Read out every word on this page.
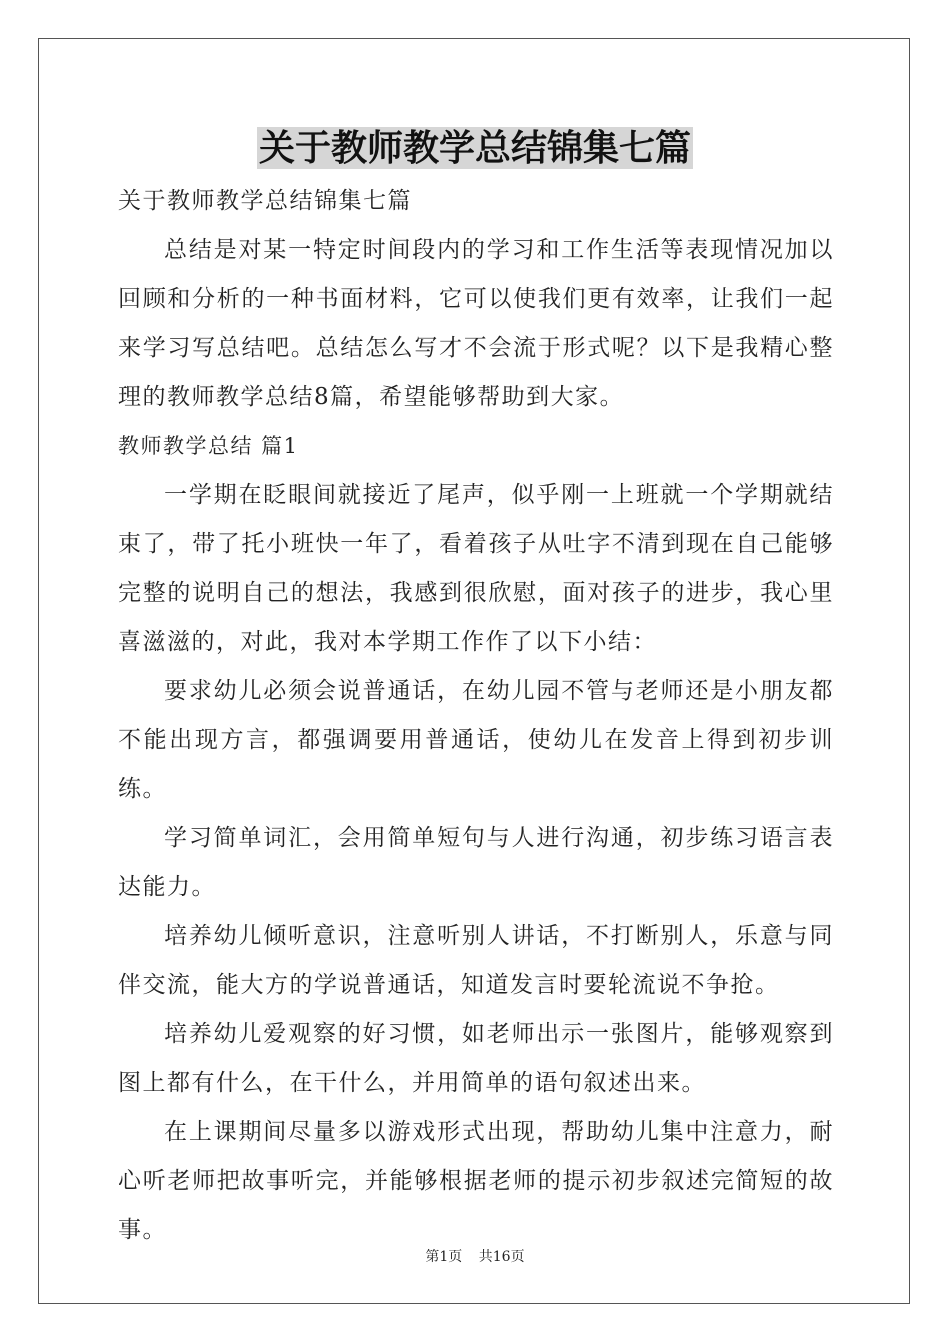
关于教师教学总结锦集七篇

关于教师教学总结锦集七篇

总结是对某一特定时间段内的学习和工作生活等表现情况加以回顾和分析的一种书面材料，它可以使我们更有效率，让我们一起来学习写总结吧。总结怎么写才不会流于形式呢？以下是我精心整理的教师教学总结8篇，希望能够帮助到大家。

教师教学总结 篇1

一学期在眨眼间就接近了尾声，似乎刚一上班就一个学期就结束了，带了托小班快一年了，看着孩子从吐字不清到现在自己能够完整的说明自己的想法，我感到很欣慰，面对孩子的进步，我心里喜滋滋的，对此，我对本学期工作作了以下小结：

要求幼儿必须会说普通话，在幼儿园不管与老师还是小朋友都不能出现方言，都强调要用普通话，使幼儿在发音上得到初步训练。

学习简单词汇，会用简单短句与人进行沟通，初步练习语言表达能力。

培养幼儿倾听意识，注意听别人讲话，不打断别人，乐意与同伴交流，能大方的学说普通话，知道发言时要轮流说不争抢。

培养幼儿爱观察的好习惯，如老师出示一张图片，能够观察到图上都有什么，在干什么，并用简单的语句叙述出来。

在上课期间尽量多以游戏形式出现，帮助幼儿集中注意力，耐心听老师把故事听完，并能够根据老师的提示初步叙述完简短的故事。

第1页 共16页
